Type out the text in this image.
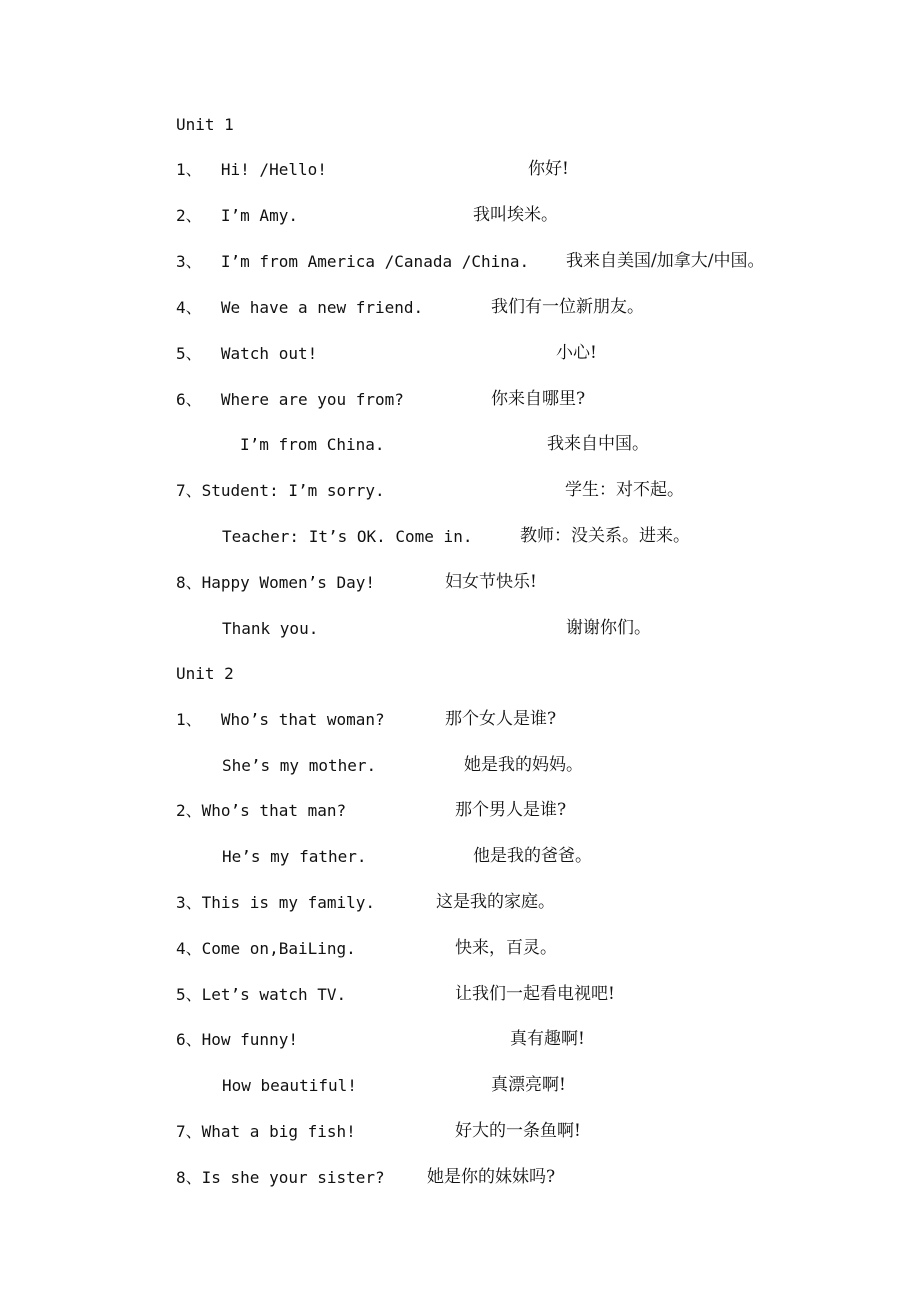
Unit 1
1、  Hi! /Hello!	你好!
2、  I’m Amy.	我叫埃米。
3、  I’m from America /Canada /China. 我来自美国/加拿大/中国。
4、  We have a new friend.	我们有一位新朋友。
5、  Watch out!	小心!
6、  Where are you from?	你来自哪里?
I’m from China.	我来自中国。
7、Student: I’m sorry.	学生：对不起。
Teacher: It’s OK. Come in.	教师：没关系。进来。
8、Happy Women’s Day!	妇女节快乐!
Thank you.	谢谢你们。
Unit 2
1、  Who’s that woman?	那个女人是谁?
She’s my mother.	她是我的妈妈。
2、Who’s that man?	那个男人是谁?
He’s my father.	他是我的爸爸。
3、This is my family.	这是我的家庭。
4、Come on,BaiLing.	快来，百灵。
5、Let’s watch TV.	让我们一起看电视吧!
6、How funny!	真有趣啊!
How beautiful!	真漂亮啊!
7、What a big fish!	好大的一条鱼啊!
8、Is she your sister? 她是你的妹妹吗?
